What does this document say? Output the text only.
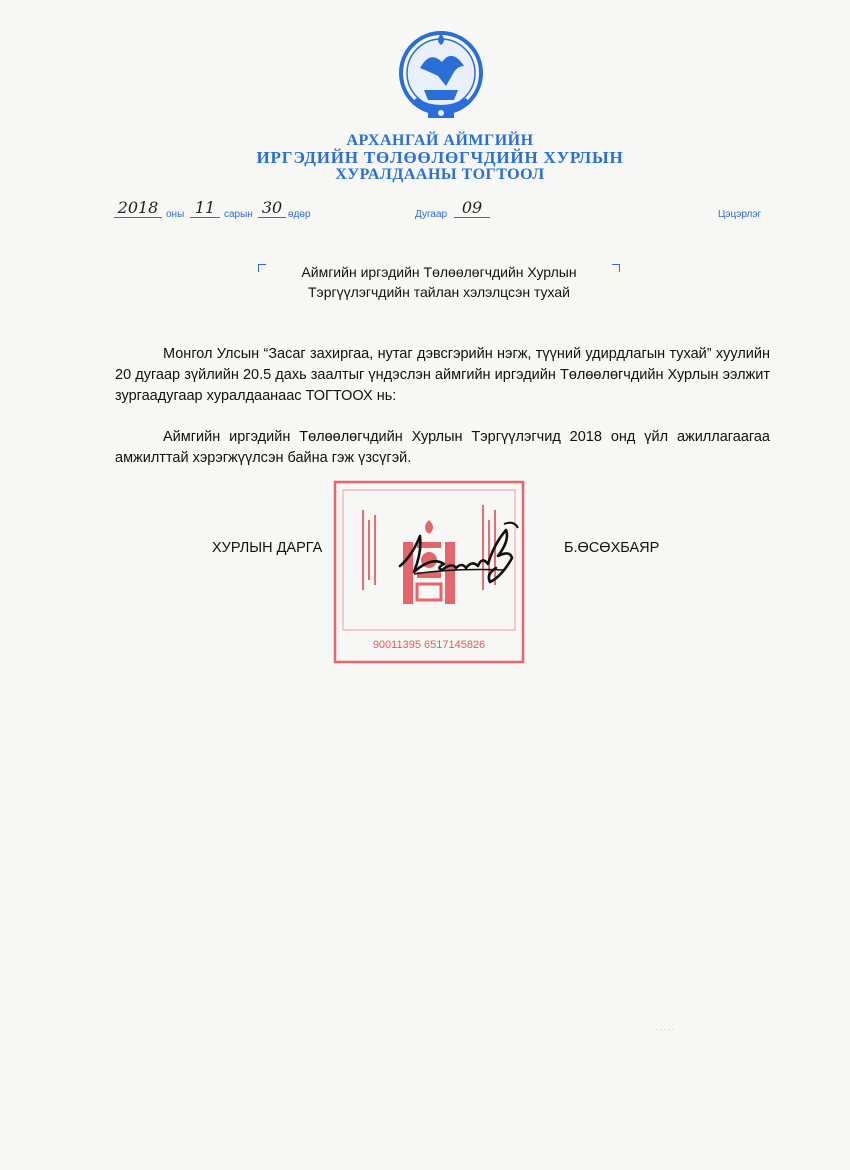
АРХАНГАЙ АЙМГИЙН
ИРГЭДИЙН ТӨЛӨӨЛӨГЧДИЙН ХУРЛЫН
ХУРАЛДААНЫ ТОГТООЛ
2018 оны 11 сарын 30 өдөр	Дугаар 09	Цэцэрлэг
Аймгийн иргэдийн Төлөөлөгчдийн Хурлын
Тэргүүлэгчдийн тайлан хэлэлцсэн тухай

Монгол Улсын “Засаг захиргаа, нутаг дэвсгэрийн нэгж, түүний удирдлагын тухай” хуулийн 20 дугаар зүйлийн 20.5 дахь заалтыг үндэслэн аймгийн иргэдийн Төлөөлөгчдийн Хурлын ээлжит зургаадугаар хуралдаанаас ТОГТООХ нь:

Аймгийн иргэдийн Төлөөлөгчдийн Хурлын Тэргүүлэгчид 2018 онд үйл ажиллагаагаа амжилттай хэрэгжүүлсэн байна гэж үзсүгэй.

90011395 6517145826
ХУРЛЫН ДАРГА	Б.ӨСӨХБАЯР
·····
